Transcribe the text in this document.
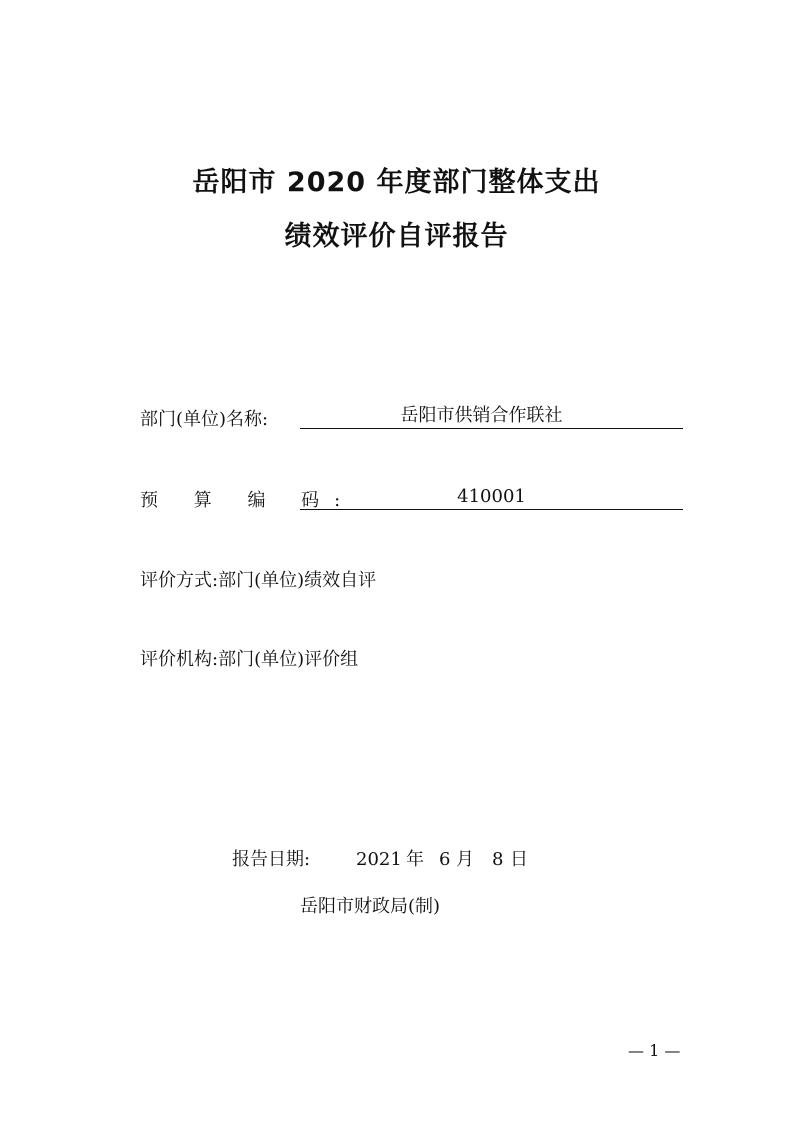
岳阳市 2020 年度部门整体支出
绩效评价自评报告
部门(单位)名称:	岳阳市供销合作联社
预 算 编 码:	410001
评价方式:部门(单位)绩效自评
评价机构:部门(单位)评价组
报告日期:	2021 年 6 月 8 日
岳阳市财政局(制)
— 1 —
